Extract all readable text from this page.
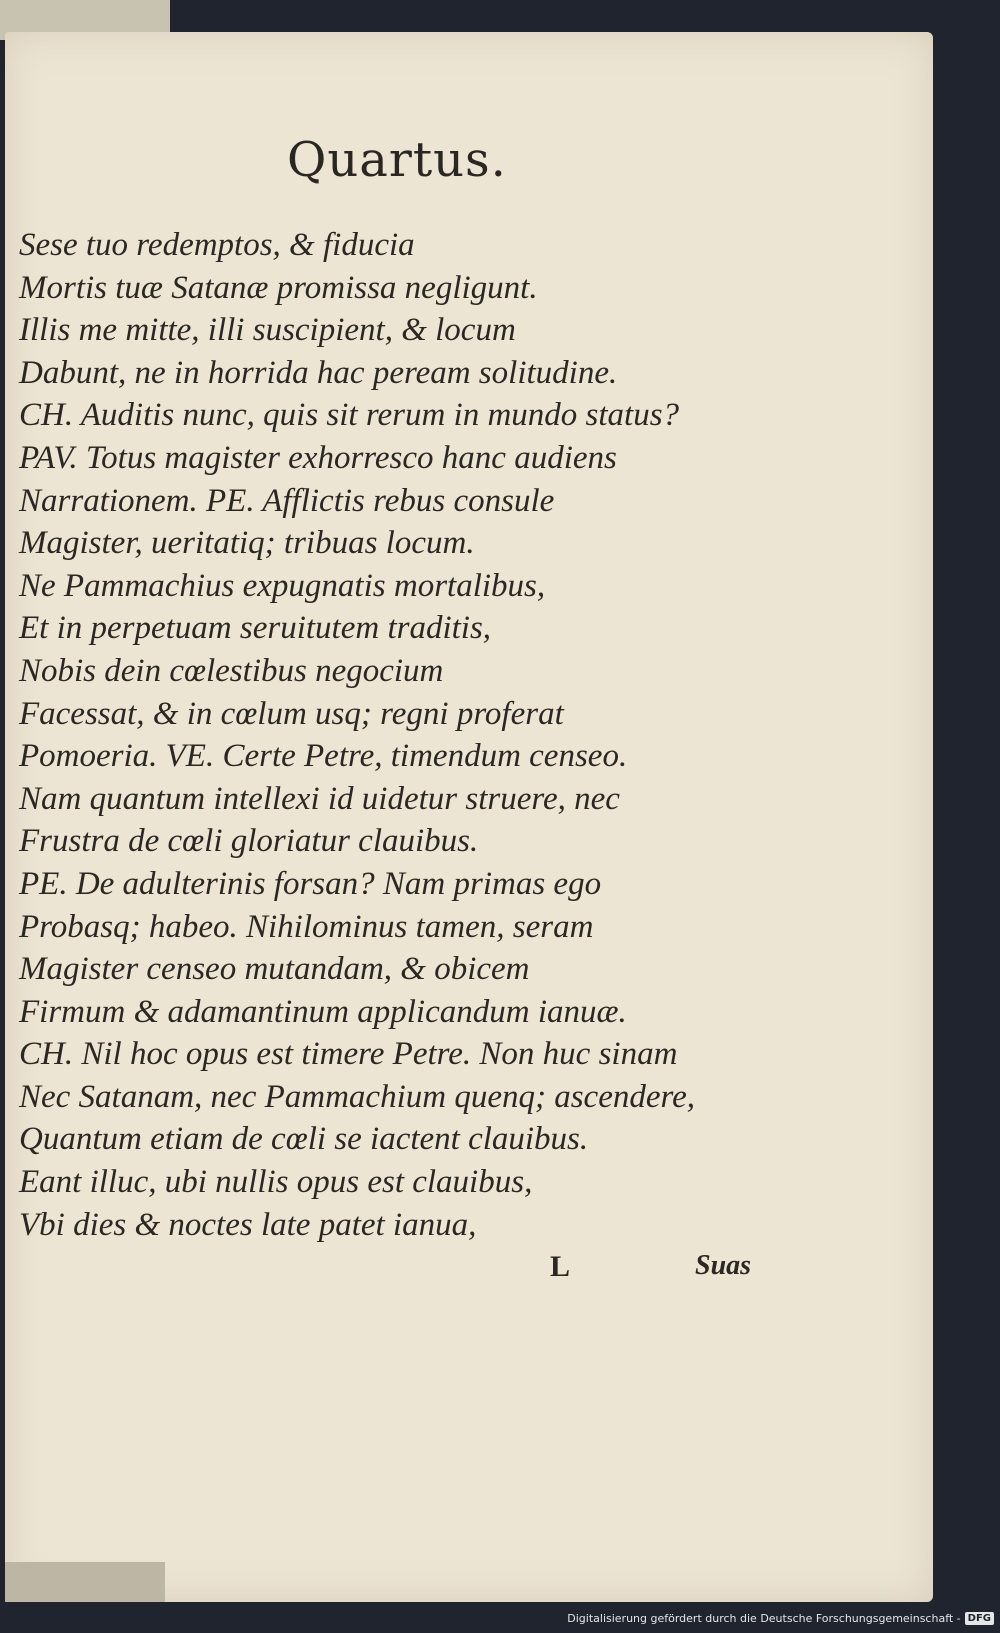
Quartus.
Sese tuo redemptos, & fiducia
Mortis tuæ Satanæ promissa negligunt.
Illis me mitte, illi suscipient, & locum
Dabunt, ne in horrida hac peream solitudine.
CH. Auditis nunc, quis sit rerum in mundo status?
PAV. Totus magister exhorresco hanc audiens
Narrationem. PE. Afflictis rebus consule
Magister, ueritatiq; tribuas locum.
Ne Pammachius expugnatis mortalibus,
Et in perpetuam seruitutem traditis,
Nobis dein cœlestibus negocium
Facessat, & in cœlum usq; regni proferat
Pomoeria. VE. Certe Petre, timendum censeo.
Nam quantum intellexi id uidetur struere, nec
Frustra de cœli gloriatur clauibus.
PE. De adulterinis forsan? Nam primas ego
Probasq; habeo. Nihilominus tamen, seram
Magister censeo mutandam, & obicem
Firmum & adamantinum applicandum ianuæ.
CH. Nil hoc opus est timere Petre. Non huc sinam
Nec Satanam, nec Pammachium quenq; ascendere,
Quantum etiam de cœli se iactent clauibus.
Eant illuc, ubi nullis opus est clauibus,
Vbi dies & noctes late patet ianua,
L	Suas
Digitalisierung gefördert durch die Deutsche Forschungsgemeinschaft - DFG
